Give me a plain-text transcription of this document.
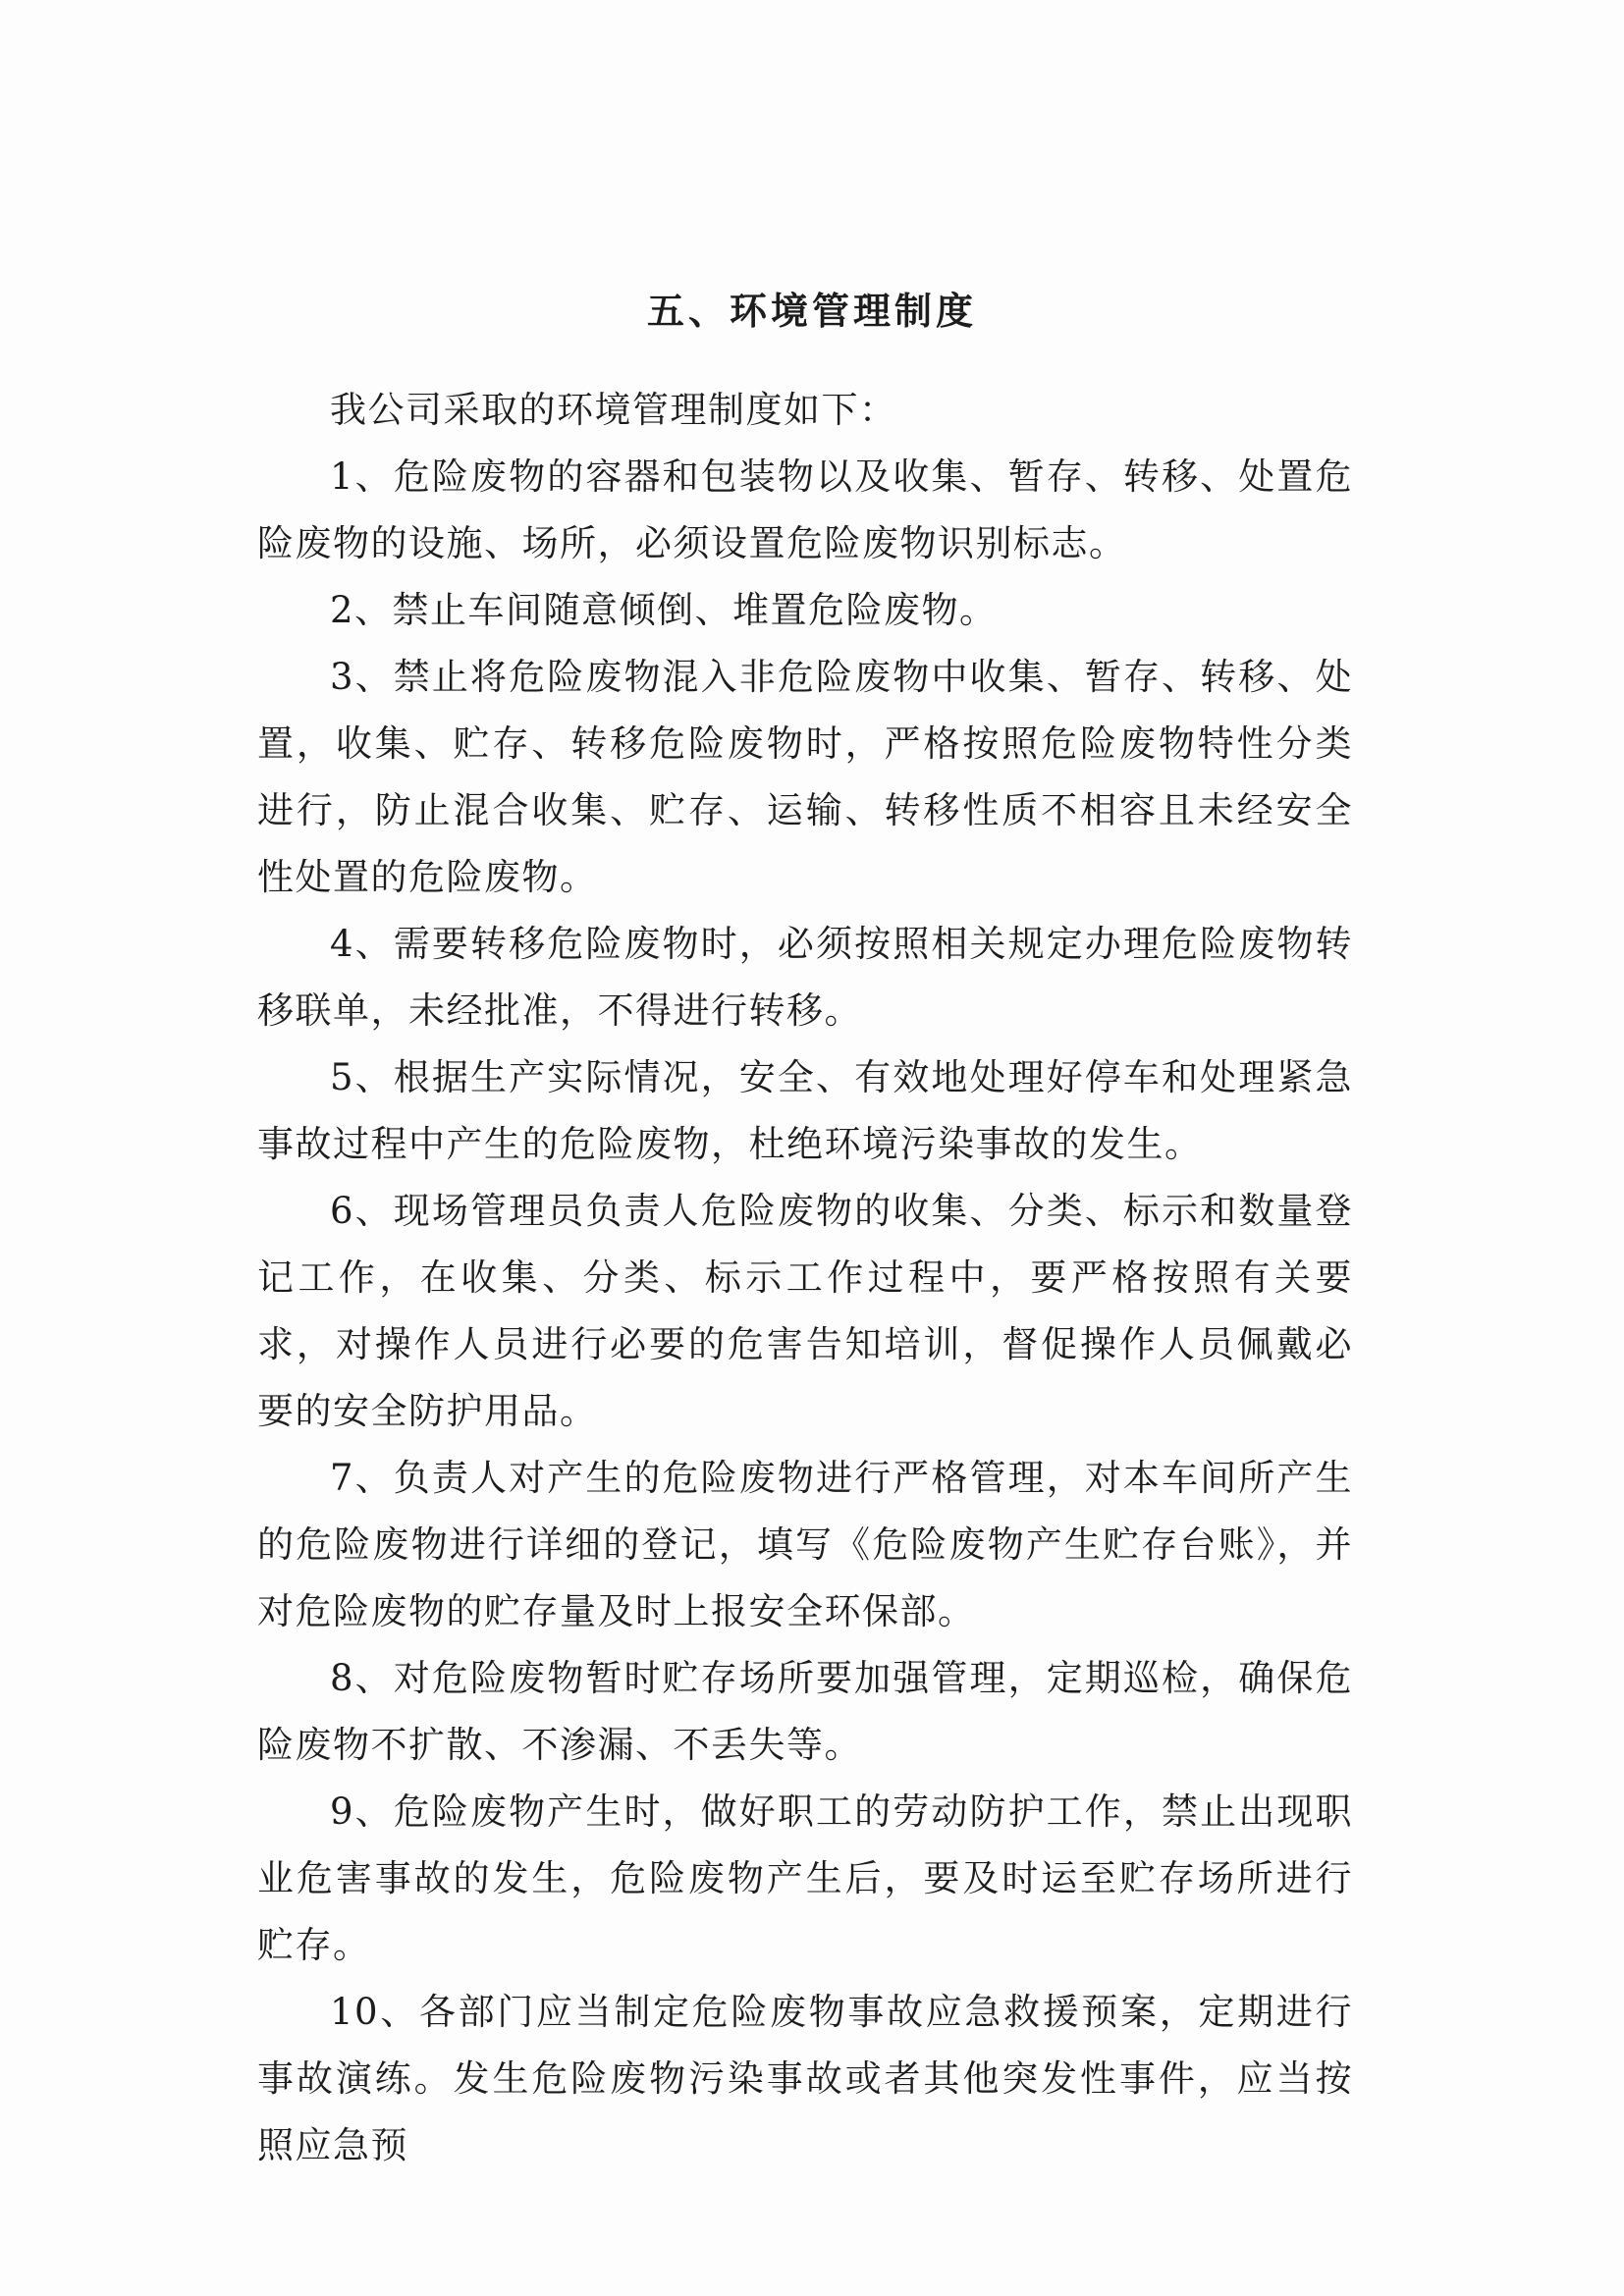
五、环境管理制度

我公司采取的环境管理制度如下：

1、危险废物的容器和包装物以及收集、暂存、转移、处置危险废物的设施、场所，必须设置危险废物识别标志。

2、禁止车间随意倾倒、堆置危险废物。

3、禁止将危险废物混入非危险废物中收集、暂存、转移、处置，收集、贮存、转移危险废物时，严格按照危险废物特性分类进行，防止混合收集、贮存、运输、转移性质不相容且未经安全性处置的危险废物。

4、需要转移危险废物时，必须按照相关规定办理危险废物转移联单，未经批准，不得进行转移。

5、根据生产实际情况，安全、有效地处理好停车和处理紧急事故过程中产生的危险废物，杜绝环境污染事故的发生。

6、现场管理员负责人危险废物的收集、分类、标示和数量登记工作，在收集、分类、标示工作过程中，要严格按照有关要求，对操作人员进行必要的危害告知培训，督促操作人员佩戴必要的安全防护用品。

7、负责人对产生的危险废物进行严格管理，对本车间所产生的危险废物进行详细的登记，填写《危险废物产生贮存台账》，并对危险废物的贮存量及时上报安全环保部。

8、对危险废物暂时贮存场所要加强管理，定期巡检，确保危险废物不扩散、不渗漏、不丢失等。

9、危险废物产生时，做好职工的劳动防护工作，禁止出现职业危害事故的发生，危险废物产生后，要及时运至贮存场所进行贮存。

10、各部门应当制定危险废物事故应急救援预案，定期进行事故演练。发生危险废物污染事故或者其他突发性事件，应当按照应急预
